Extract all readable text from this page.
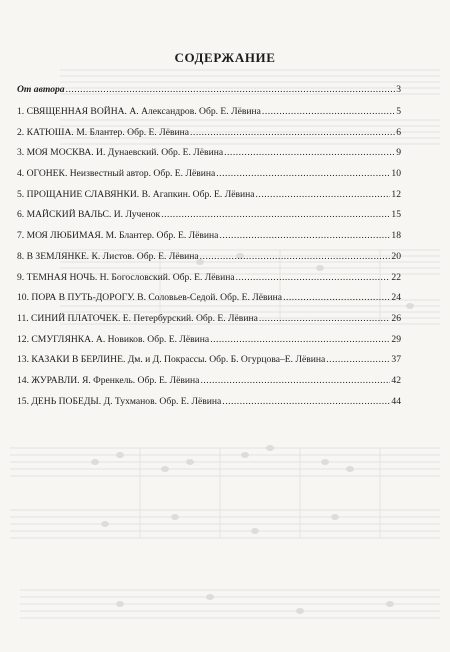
СОДЕРЖАНИЕ
От автора .....	3
1. СВЯЩЕННАЯ ВОЙНА. А. Александров. Обр. Е. Лёвина .....	5
2. КАТЮША. М. Блантер. Обр. Е. Лёвина .....	6
3. МОЯ МОСКВА. И. Дунаевский. Обр. Е. Лёвина .....	9
4. ОГОНЕК. Неизвестный автор. Обр. Е. Лёвина .....	10
5. ПРОЩАНИЕ СЛАВЯНКИ. В. Агапкин. Обр. Е. Лёвина .....	12
6. МАЙСКИЙ ВАЛЬС. И. Лученок .....	15
7. МОЯ ЛЮБИМАЯ. М. Блантер. Обр. Е. Лёвина .....	18
8. В ЗЕМЛЯНКЕ. К. Листов. Обр. Е. Лёвина .....	20
9. ТЕМНАЯ НОЧЬ. Н. Богословский. Обр. Е. Лёвина .....	22
10. ПОРА В ПУТЬ-ДОРОГУ. В. Соловьев-Седой. Обр. Е. Лёвина .....	24
11. СИНИЙ ПЛАТОЧЕК. Е. Петербурский. Обр. Е. Лёвина .....	26
12. СМУГЛЯНКА. А. Новиков. Обр. Е. Лёвина .....	29
13. КАЗАКИ В БЕРЛИНЕ. Дм. и Д. Покрассы. Обр. Б. Огурцова–Е. Лёвина .....	37
14. ЖУРАВЛИ. Я. Френкель. Обр. Е. Лёвина .....	42
15. ДЕНЬ ПОБЕДЫ. Д. Тухманов. Обр. Е. Лёвина .....	44
